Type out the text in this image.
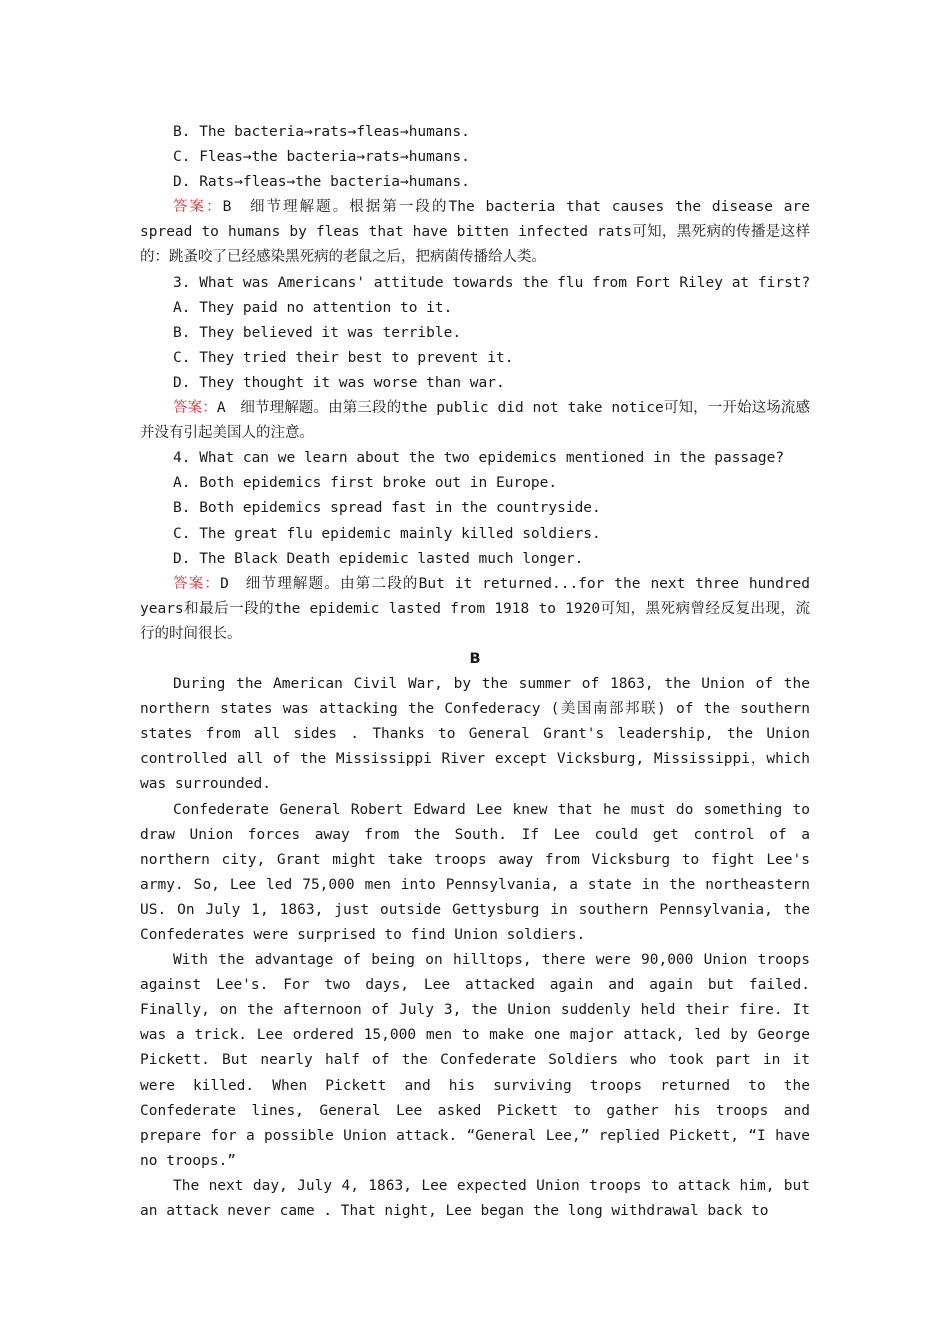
B. The bacteria→rats→fleas→humans.
C. Fleas→the bacteria→rats→humans.
D. Rats→fleas→the bacteria→humans.
答案：B　细节理解题。根据第一段的The bacteria that causes the disease are spread to humans by fleas that have bitten infected rats可知，黑死病的传播是这样的：跳蚤咬了已经感染黑死病的老鼠之后，把病菌传播给人类。
3. What was Americans' attitude towards the flu from Fort Riley at first?
A. They paid no attention to it.
B. They believed it was terrible.
C. They tried their best to prevent it.
D. They thought it was worse than war.
答案：A　细节理解题。由第三段的the public did not take notice可知，一开始这场流感并没有引起美国人的注意。
4. What can we learn about the two epidemics mentioned in the passage?
A. Both epidemics first broke out in Europe.
B. Both epidemics spread fast in the countryside.
C. The great flu epidemic mainly killed soldiers.
D. The Black Death epidemic lasted much longer.
答案：D　细节理解题。由第二段的But it returned...for the next three hundred years和最后一段的the epidemic lasted from 1918 to 1920可知，黑死病曾经反复出现，流行的时间很长。
B
During the American Civil War, by the summer of 1863, the Union of the northern states was attacking the Confederacy (美国南部邦联) of the southern states from all sides . Thanks to General Grant's leadership, the Union controlled all of the Mississippi River except Vicksburg, Mississippi，which was surrounded.
Confederate General Robert Edward Lee knew that he must do something to draw Union forces away from the South. If Lee could get control of a northern city, Grant might take troops away from Vicksburg to fight Lee's army. So, Lee led 75,000 men into Pennsylvania, a state in the northeastern US. On July 1, 1863, just outside Gettysburg in southern Pennsylvania, the Confederates were surprised to find Union soldiers.
With the advantage of being on hilltops, there were 90,000 Union troops against Lee's. For two days, Lee attacked again and again but failed. Finally, on the afternoon of July 3, the Union suddenly held their fire. It was a trick. Lee ordered 15,000 men to make one major attack, led by George Pickett. But nearly half of the Confederate Soldiers who took part in it were killed. When Pickett and his surviving troops returned to the Confederate lines, General Lee asked Pickett to gather his troops and prepare for a possible Union attack. “General Lee,” replied Pickett, “I have no troops.”
The next day, July 4, 1863, Lee expected Union troops to attack him, but an attack never came . That night, Lee began the long withdrawal back to
